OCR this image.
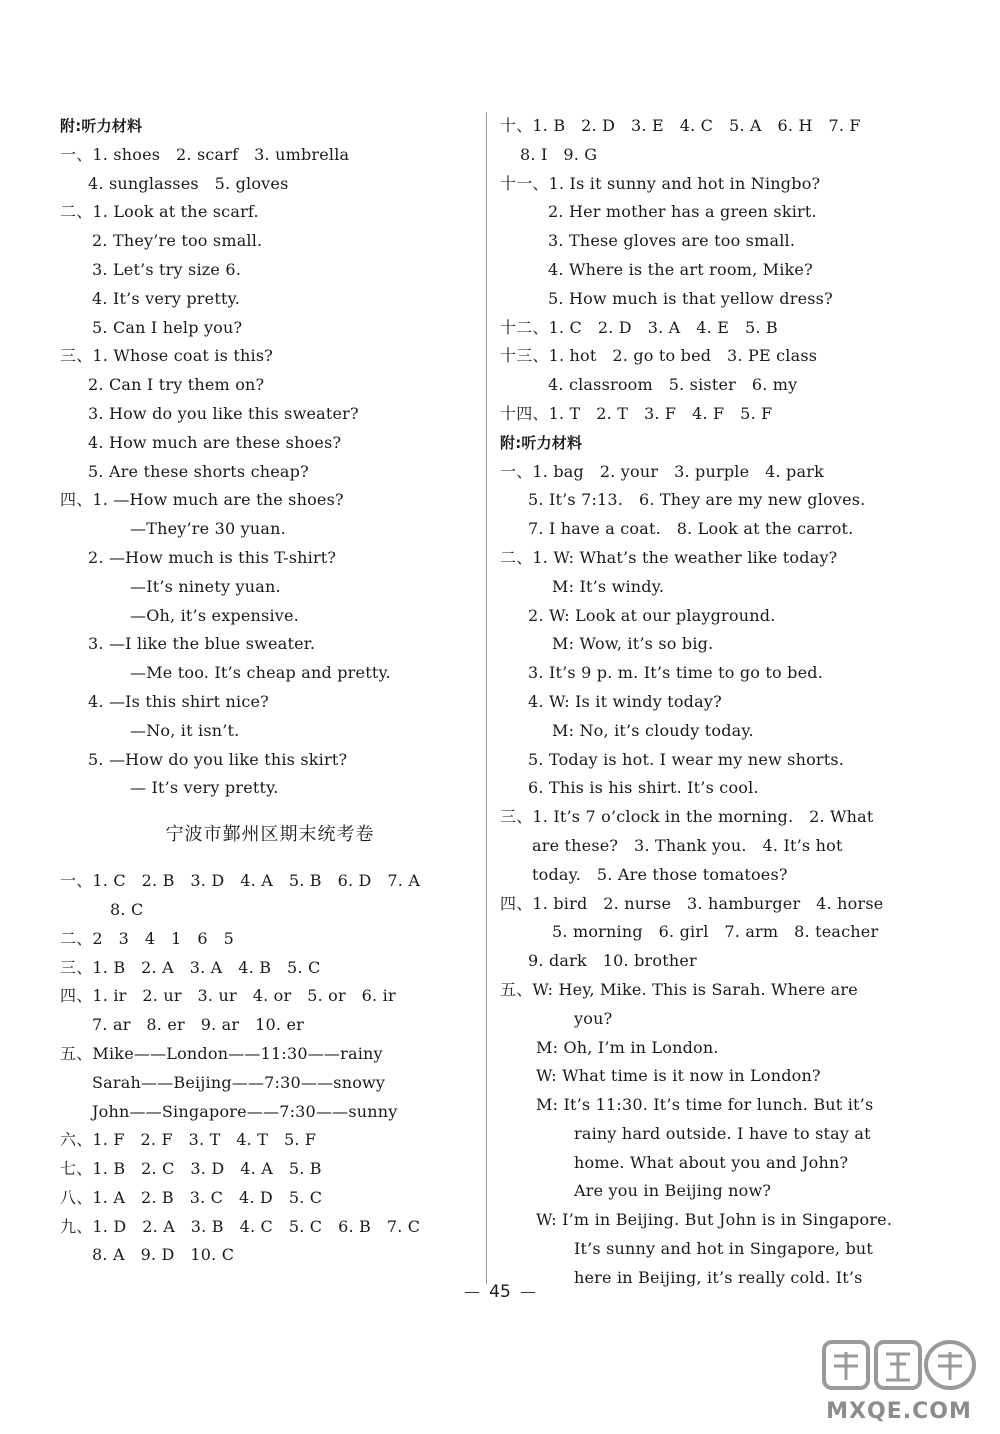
附:听力材料
一、1. shoes   2. scarf   3. umbrella
4. sunglasses   5. gloves
二、1. Look at the scarf.
2. They’re too small.
3. Let’s try size 6.
4. It’s very pretty.
5. Can I help you?
三、1. Whose coat is this?
2. Can I try them on?
3. How do you like this sweater?
4. How much are these shoes?
5. Are these shorts cheap?
四、1. —How much are the shoes?
—They’re 30 yuan.
2. —How much is this T-shirt?
—It’s ninety yuan.
—Oh, it’s expensive.
3. —I like the blue sweater.
—Me too. It’s cheap and pretty.
4. —Is this shirt nice?
—No, it isn’t.
5. —How do you like this skirt?
— It’s very pretty.
宁波市鄞州区期末统考卷
一、1. C   2. B   3. D   4. A   5. B   6. D   7. A
8. C
二、2   3   4   1   6   5
三、1. B   2. A   3. A   4. B   5. C
四、1. ir   2. ur   3. ur   4. or   5. or   6. ir
7. ar   8. er   9. ar   10. er
五、Mike——London——11:30——rainy
Sarah——Beijing——7:30——snowy
John——Singapore——7:30——sunny
六、1. F   2. F   3. T   4. T   5. F
七、1. B   2. C   3. D   4. A   5. B
八、1. A   2. B   3. C   4. D   5. C
九、1. D   2. A   3. B   4. C   5. C   6. B   7. C
8. A   9. D   10. C
十、1. B   2. D   3. E   4. C   5. A   6. H   7. F
8. I   9. G
十一、1. Is it sunny and hot in Ningbo?
2. Her mother has a green skirt.
3. These gloves are too small.
4. Where is the art room, Mike?
5. How much is that yellow dress?
十二、1. C   2. D   3. A   4. E   5. B
十三、1. hot   2. go to bed   3. PE class
4. classroom   5. sister   6. my
十四、1. T   2. T   3. F   4. F   5. F
附:听力材料
一、1. bag   2. your   3. purple   4. park
5. It’s 7:13.   6. They are my new gloves.
7. I have a coat.   8. Look at the carrot.
二、1. W: What’s the weather like today?
M: It’s windy.
2. W: Look at our playground.
M: Wow, it’s so big.
3. It’s 9 p. m. It’s time to go to bed.
4. W: Is it windy today?
M: No, it’s cloudy today.
5. Today is hot. I wear my new shorts.
6. This is his shirt. It’s cool.
三、1. It’s 7 o’clock in the morning.   2. What
are these?   3. Thank you.   4. It’s hot
today.   5. Are those tomatoes?
四、1. bird   2. nurse   3. hamburger   4. horse
5. morning   6. girl   7. arm   8. teacher
9. dark   10. brother
五、W: Hey, Mike. This is Sarah. Where are
you?
M: Oh, I’m in London.
W: What time is it now in London?
M: It’s 11:30. It’s time for lunch. But it’s
rainy hard outside. I have to stay at
home. What about you and John?
Are you in Beijing now?
W: I’m in Beijing. But John is in Singapore.
It’s sunny and hot in Singapore, but
here in Beijing, it’s really cold. It’s
45
MXQE.COM
